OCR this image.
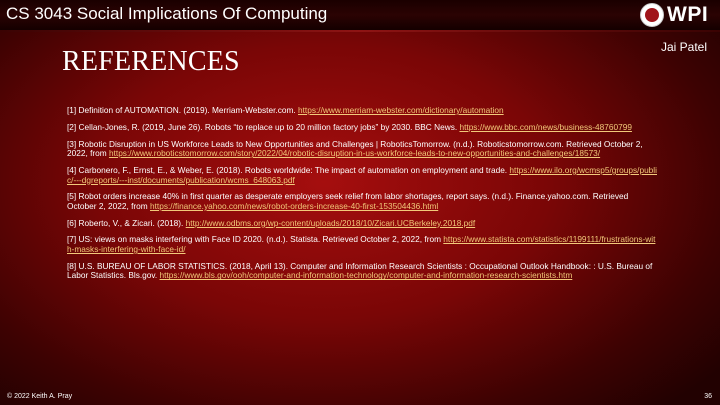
CS 3043 Social Implications Of Computing	WPI
Jai Patel
REFERENCES

[1] Definition of AUTOMATION. (2019). Merriam-Webster.com. https://www.merriam-webster.com/dictionary/automation

[2] Cellan-Jones, R. (2019, June 26). Robots “to replace up to 20 million factory jobs” by 2030. BBC News. https://www.bbc.com/news/business-48760799

[3] Robotic Disruption in US Workforce Leads to New Opportunities and Challenges | RoboticsTomorrow. (n.d.). Roboticstomorrow.com. Retrieved October 2, 2022, from https://www.roboticstomorrow.com/story/2022/04/robotic-disruption-in-us-workforce-leads-to-new-opportunities-and-challenges/18573/

[4] Carbonero, F., Ernst, E., & Weber, E. (2018). Robots worldwide: The impact of automation on employment and trade. https://www.ilo.org/wcmsp5/groups/public/---dgreports/---inst/documents/publication/wcms_648063.pdf

[5] Robot orders increase 40% in first quarter as desperate employers seek relief from labor shortages, report says. (n.d.). Finance.yahoo.com. Retrieved October 2, 2022, from https://finance.yahoo.com/news/robot-orders-increase-40-first-153504436.html

[6] Roberto, V., & Zicari. (2018). http://www.odbms.org/wp-content/uploads/2018/10/Zicari.UCBerkeley.2018.pdf

[7] US: views on masks interfering with Face ID 2020. (n.d.). Statista. Retrieved October 2, 2022, from https://www.statista.com/statistics/1199111/frustrations-with-masks-interfering-with-face-id/

[8] U.S. BUREAU OF LABOR STATISTICS. (2018, April 13). Computer and Information Research Scientists : Occupational Outlook Handbook: : U.S. Bureau of Labor Statistics. Bls.gov. https://www.bls.gov/ooh/computer-and-information-technology/computer-and-information-research-scientists.htm

© 2022 Keith A. Pray	36
